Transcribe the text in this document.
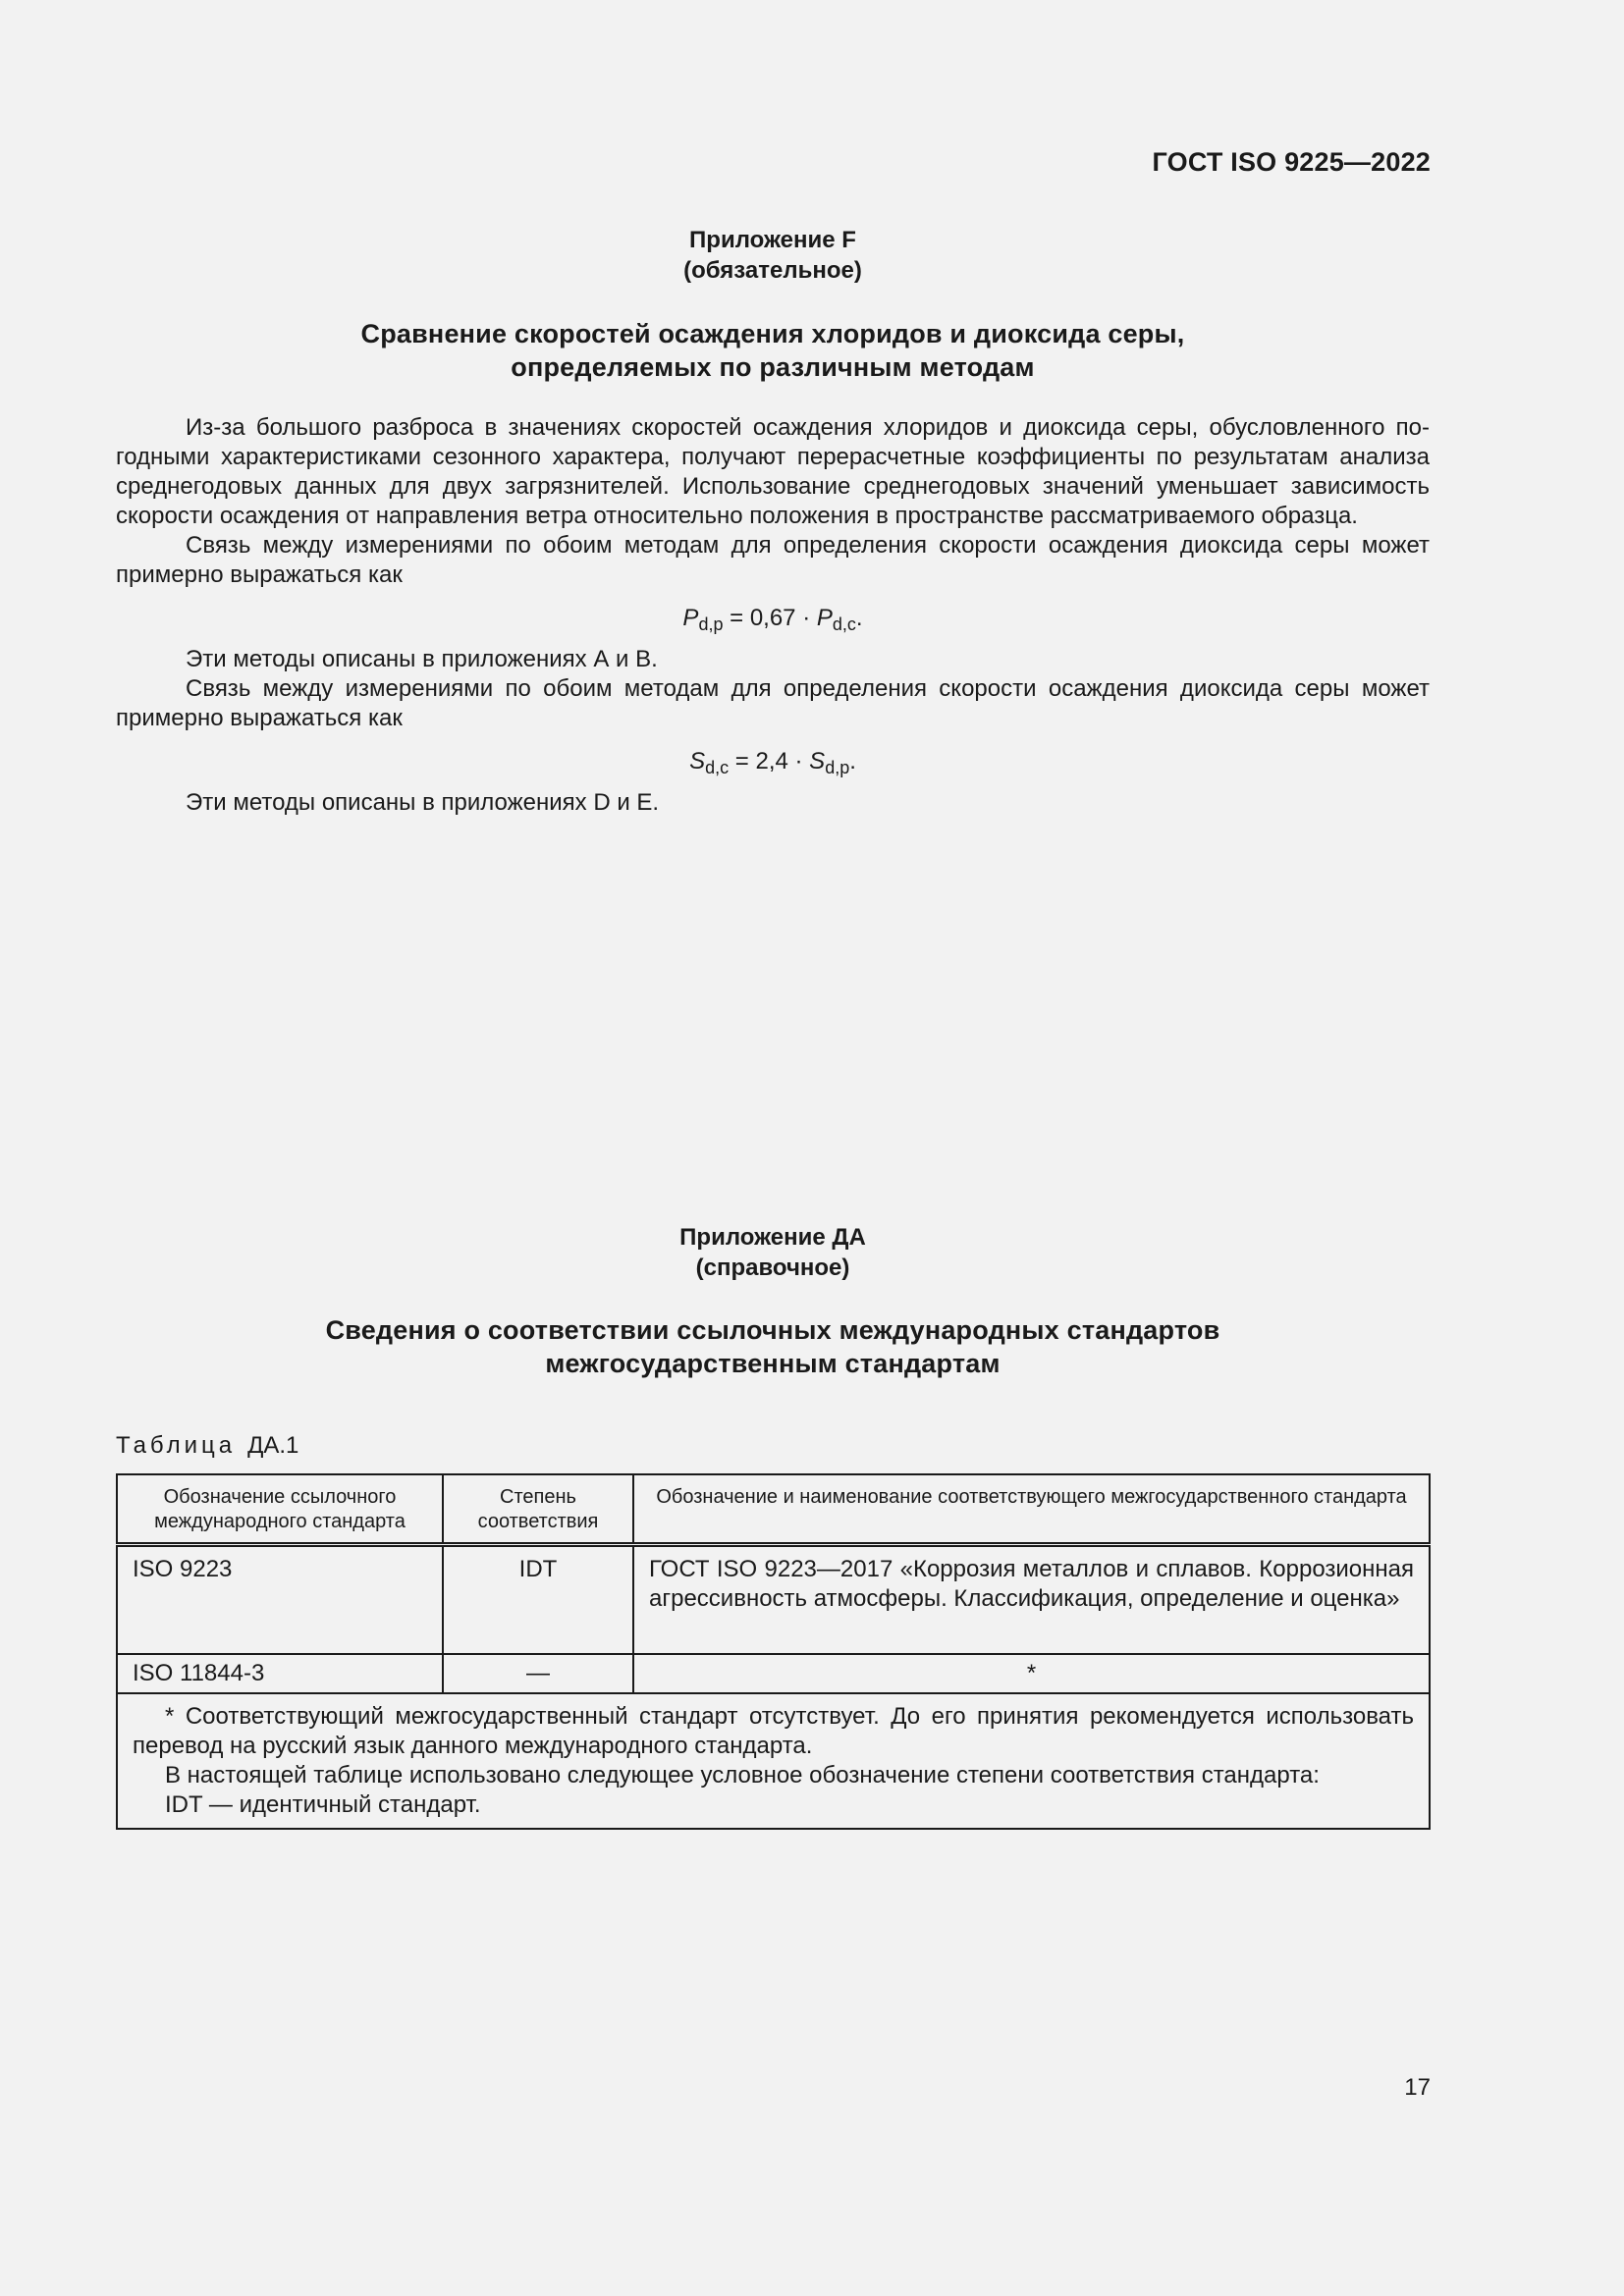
ГОСТ ISO 9225—2022
Приложение F
(обязательное)
Сравнение скоростей осаждения хлоридов и диоксида серы,
определяемых по различным методам

Из-за большого разброса в значениях скоростей осаждения хлоридов и диоксида серы, обусловленного погодными характеристиками сезонного характера, получают перерасчетные коэффициенты по результатам анализа среднегодовых данных для двух загрязнителей. Использование среднегодовых значений уменьшает зависимость скорости осаждения от направления ветра относительно положения в пространстве рассматриваемого образца.

Связь между измерениями по обоим методам для определения скорости осаждения диоксида серы может примерно выражаться как

$P_{d,p} = 0,67 \cdot P_{d,c}$.

Эти методы описаны в приложениях А и В.

Связь между измерениями по обоим методам для определения скорости осаждения диоксида серы может примерно выражаться как

$S_{d,c} = 2,4 \cdot S_{d,p}$.

Эти методы описаны в приложениях D и Е.

Приложение ДА
(справочное)
Сведения о соответствии ссылочных международных стандартов
межгосударственным стандартам
Таблица ДА.1
Обозначение ссылочного международного стандарта	Степень соответствия	Обозначение и наименование соответствующего межгосударственного стандарта
ISO 9223	IDT	ГОСТ ISO 9223—2017 «Коррозия металлов и сплавов. Коррозионная агрессивность атмосферы. Классификация, определение и оценка»
ISO 11844-3	—	*

* Соответствующий межгосударственный стандарт отсутствует. До его принятия рекомендуется использовать перевод на русский язык данного международного стандарта.

В настоящей таблице использовано следующее условное обозначение степени соответствия стандарта:

IDT — идентичный стандарт.		

17
